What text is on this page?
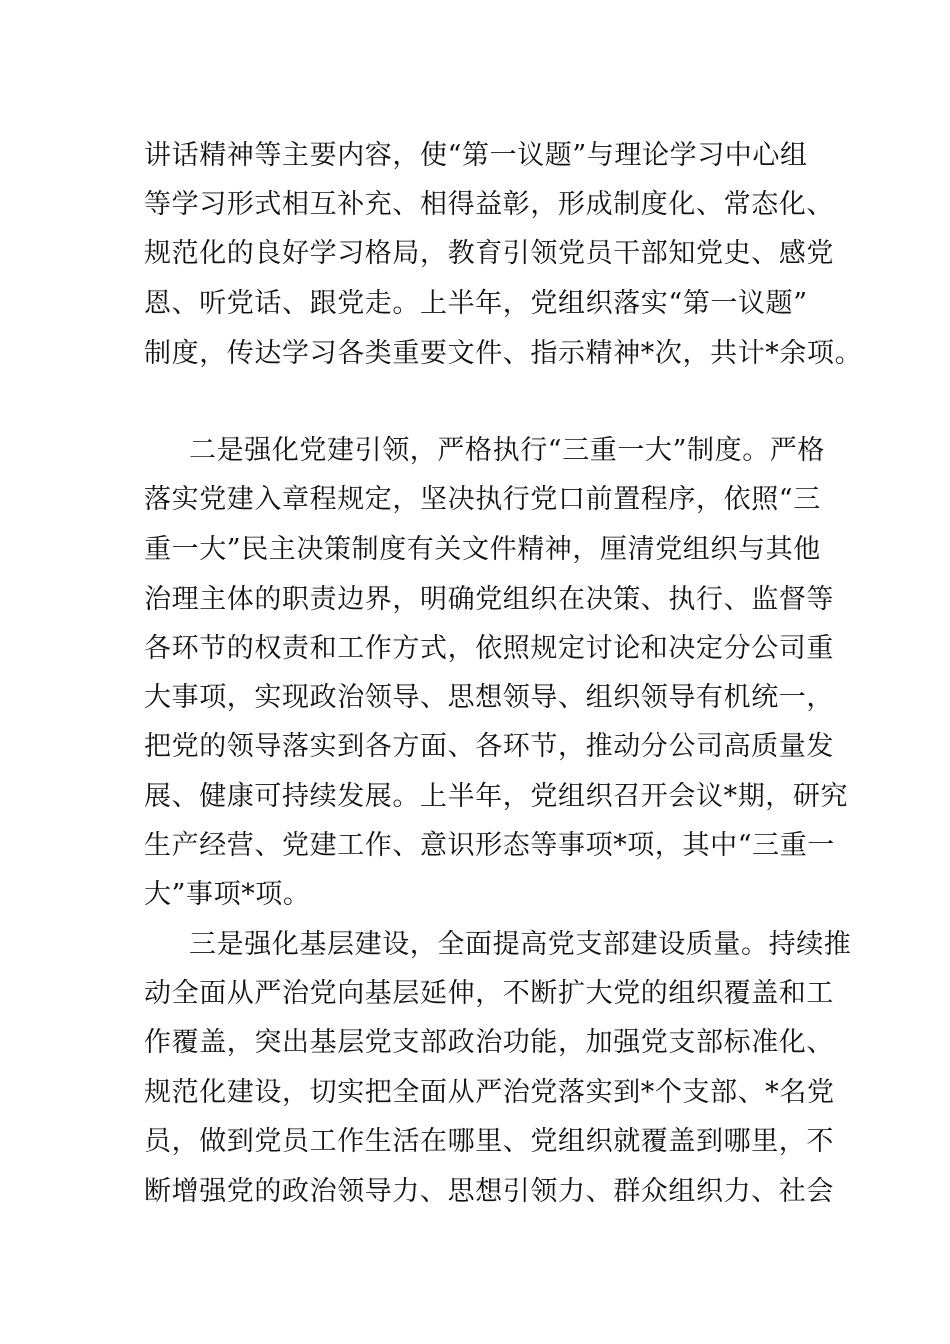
讲话精神等主要内容，使“第一议题”与理论学习中心组
等学习形式相互补充、相得益彰，形成制度化、常态化、
规范化的良好学习格局，教育引领党员干部知党史、感党
恩、听党话、跟党走。上半年，党组织落实“第一议题”
制度，传达学习各类重要文件、指示精神*次，共计*余项。
二是强化党建引领，严格执行“三重一大”制度。严格
落实党建入章程规定，坚决执行党口前置程序，依照“三
重一大”民主决策制度有关文件精神，厘清党组织与其他
治理主体的职责边界，明确党组织在决策、执行、监督等
各环节的权责和工作方式，依照规定讨论和决定分公司重
大事项，实现政治领导、思想领导、组织领导有机统一，
把党的领导落实到各方面、各环节，推动分公司高质量发
展、健康可持续发展。上半年，党组织召开会议*期，研究
生产经营、党建工作、意识形态等事项*项，其中“三重一
大”事项*项。
三是强化基层建设，全面提高党支部建设质量。持续推
动全面从严治党向基层延伸，不断扩大党的组织覆盖和工
作覆盖，突出基层党支部政治功能，加强党支部标准化、
规范化建设，切实把全面从严治党落实到*个支部、*名党
员，做到党员工作生活在哪里、党组织就覆盖到哪里，不
断增强党的政治领导力、思想引领力、群众组织力、社会
